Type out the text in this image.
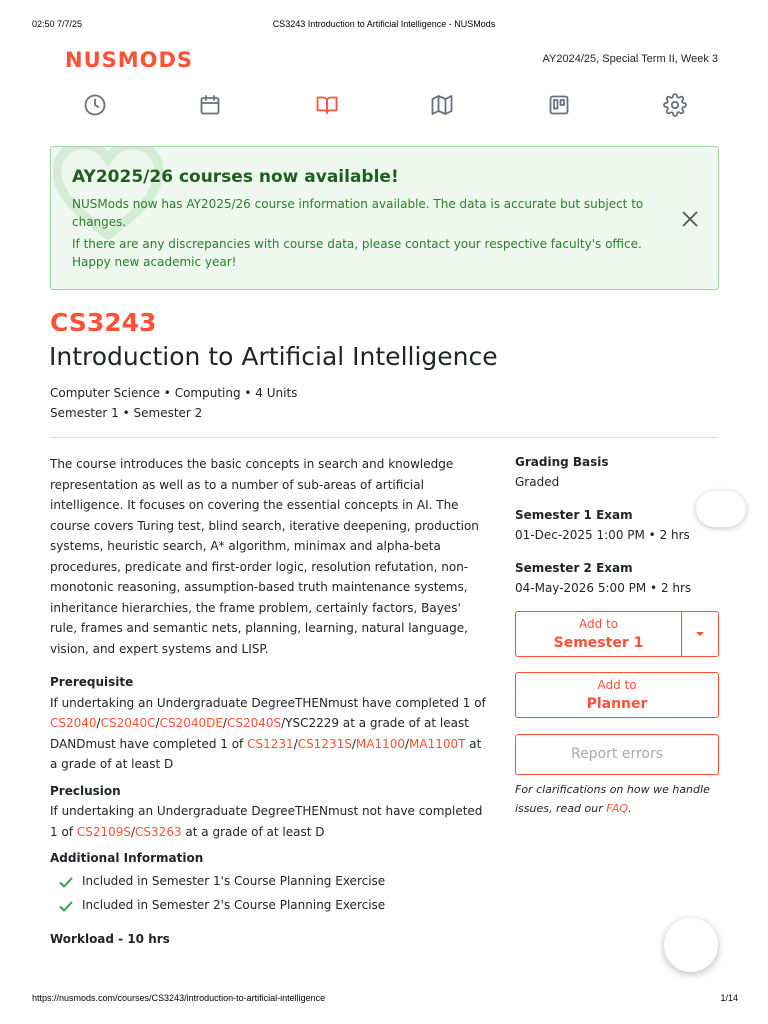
02:50 7/7/25	CS3243 Introduction to Artificial Intelligence - NUSMods
NUSMODS	AY2024/25, Special Term II, Week 3
AY2025/26 courses now available!

NUSMods now has AY2025/26 course information available. The data is accurate but subject to changes.

If there are any discrepancies with course data, please contact your respective faculty's office. Happy new academic year!

CS3243
Introduction to Artificial Intelligence
Computer Science • Computing • 4 Units
Semester 1 • Semester 2

The course introduces the basic concepts in search and knowledge representation as well as to a number of sub-areas of artificial intelligence. It focuses on covering the essential concepts in AI. The course covers Turing test, blind search, iterative deepening, production systems, heuristic search, A* algorithm, minimax and alpha-beta procedures, predicate and first-order logic, resolution refutation, non-monotonic reasoning, assumption-based truth maintenance systems, inheritance hierarchies, the frame problem, certainly factors, Bayes' rule, frames and semantic nets, planning, learning, natural language, vision, and expert systems and LISP.

Prerequisite

If undertaking an Undergraduate DegreeTHENmust have completed 1 of CS2040/CS2040C/CS2040DE/CS2040S/YSC2229 at a grade of at least DANDmust have completed 1 of CS1231/CS1231S/MA1100/MA1100T at a grade of at least D

Preclusion

If undertaking an Undergraduate DegreeTHENmust not have completed 1 of CS2109S/CS3263 at a grade of at least D

Additional Information
Included in Semester 1's Course Planning Exercise
Included in Semester 2's Course Planning Exercise
Workload - 10 hrs
Grading Basis
Graded
Semester 1 Exam
01-Dec-2025 1:00 PM • 2 hrs
Semester 2 Exam
04-May-2026 5:00 PM • 2 hrs
Add to
Semester 1
Add to
Planner
Report errors
For clarifications on how we handle issues, read our FAQ.
https://nusmods.com/courses/CS3243/introduction-to-artificial-intelligence	1/14
